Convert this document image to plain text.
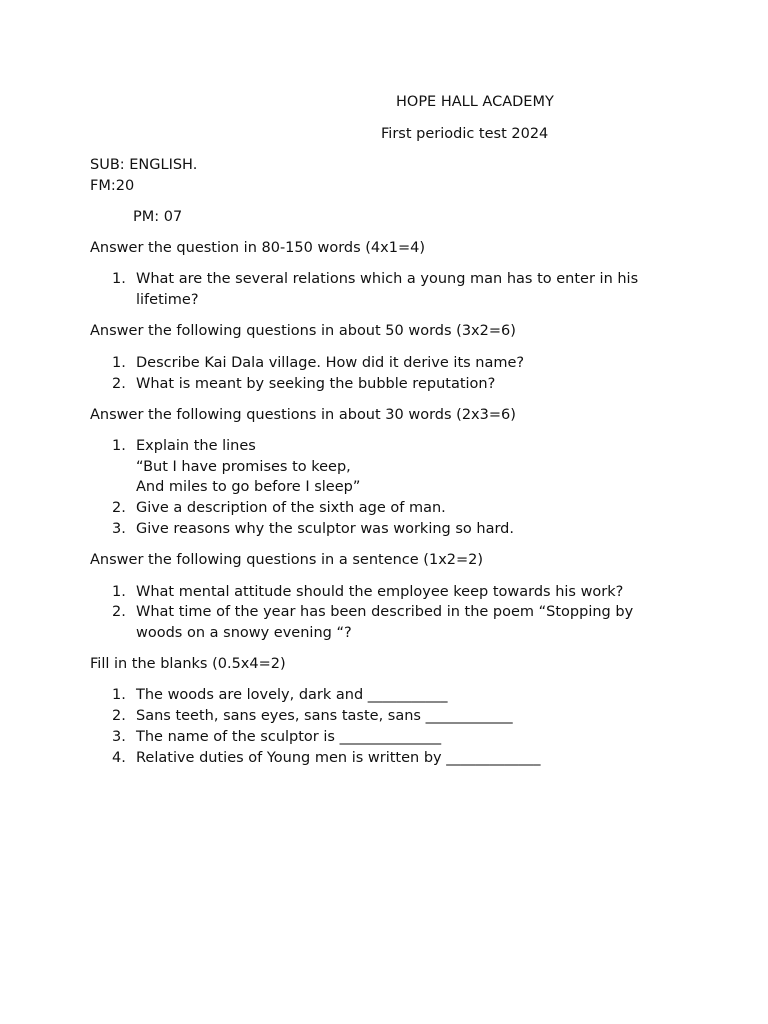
HOPE HALL ACADEMY
First periodic test 2024
SUB: ENGLISH.
FM:20
PM: 07
Answer the question in 80-150 words (4x1=4)
1. What are the several relations which a young man has to enter in his
lifetime?
Answer the following questions in about 50 words (3x2=6)
1. Describe Kai Dala village. How did it derive its name?
2. What is meant by seeking the bubble reputation?
Answer the following questions in about 30 words (2x3=6)
1. Explain the lines
“But I have promises to keep,
And miles to go before I sleep”
2. Give a description of the sixth age of man.
3. Give reasons why the sculptor was working so hard.
Answer the following questions in a sentence (1x2=2)
1. What mental attitude should the employee keep towards his work?
2. What time of the year has been described in the poem “Stopping by
woods on a snowy evening “?
Fill in the blanks (0.5x4=2)
1. The woods are lovely, dark and ___________
2. Sans teeth, sans eyes, sans taste, sans ____________
3. The name of the sculptor is ______________
4. Relative duties of Young men is written by _____________
